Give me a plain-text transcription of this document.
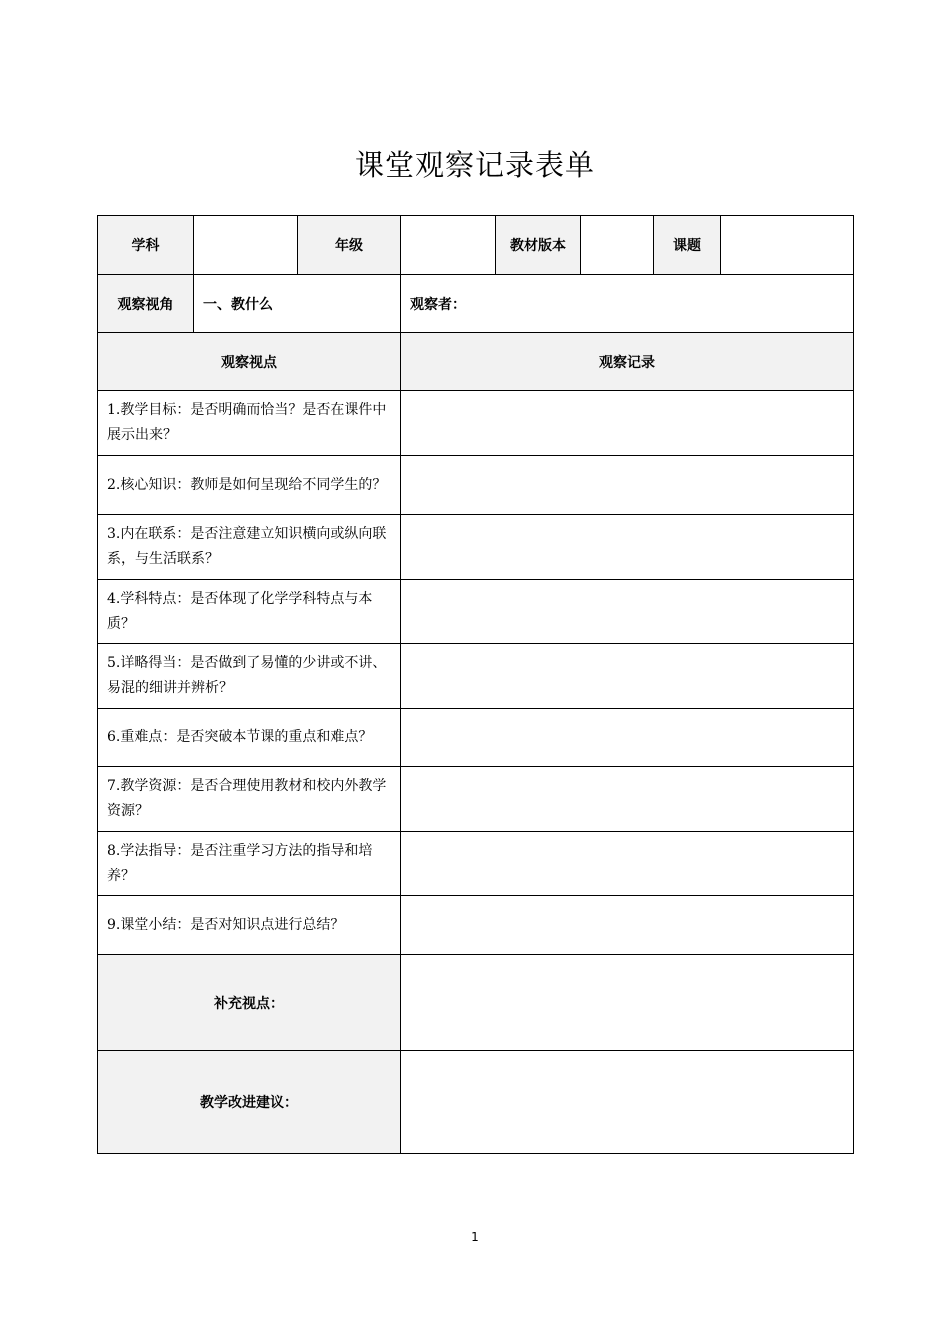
课堂观察记录表单
学科		年级		教材版本		课题	
观察视角	一、教什么		观察者：				
观察视点			观察记录				
1.教学目标：是否明确而恰当？是否在课件中展示出来？							
2.核心知识：教师是如何呈现给不同学生的？							
3.内在联系：是否注意建立知识横向或纵向联系，与生活联系？							
4.学科特点：是否体现了化学学科特点与本质？							
5.详略得当：是否做到了易懂的少讲或不讲、易混的细讲并辨析？							
6.重难点：是否突破本节课的重点和难点？							
7.教学资源：是否合理使用教材和校内外教学资源？							
8.学法指导：是否注重学习方法的指导和培养？							
9.课堂小结：是否对知识点进行总结？							
补充视点：							
教学改进建议：							
1
